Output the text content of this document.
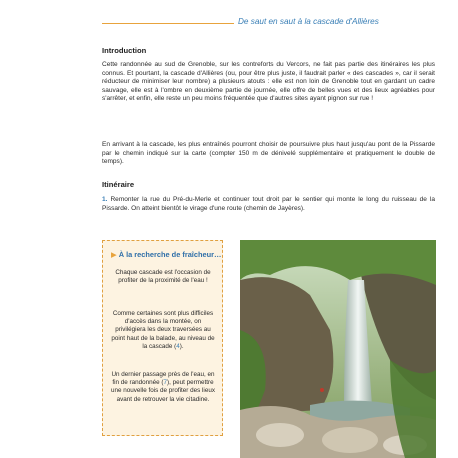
De saut en saut à la cascade d'Allières
Introduction
Cette randonnée au sud de Grenoble, sur les contreforts du Vercors, ne fait pas partie des itinéraires les plus connus. Et pourtant, la cascade d'Allières (ou, pour être plus juste, il faudrait parler « des cascades », car il serait réducteur de minimiser leur nombre) a plusieurs atouts : elle est non loin de Grenoble tout en gardant un cadre sauvage, elle est à l'ombre en deuxième partie de journée, elle offre de belles vues et des lieux agréables pour s'arrêter, et enfin, elle reste un peu moins fréquentée que d'autres sites ayant pignon sur rue !
En arrivant à la cascade, les plus entraînés pourront choisir de poursuivre plus haut jusqu'au pont de la Pissarde par le chemin indiqué sur la carte (compter 150 m de dénivelé supplémentaire et pratiquement le double de temps).
Itinéraire
1. Remonter la rue du Pré-du-Merle et continuer tout droit par le sentier qui monte le long du ruisseau de la Pissarde. On atteint bientôt le virage d'une route (chemin de Jayères).
▶ À la recherche de fraîcheur…
Chaque cascade est l'occasion de profiter de la proximité de l'eau !
Comme certaines sont plus difficiles d'accès dans la montée, on privilégiera les deux traversées au point haut de la balade, au niveau de la cascade (4).
Un dernier passage près de l'eau, en fin de randonnée (7), peut permettre une nouvelle fois de profiter des lieux avant de retrouver la vie citadine.
